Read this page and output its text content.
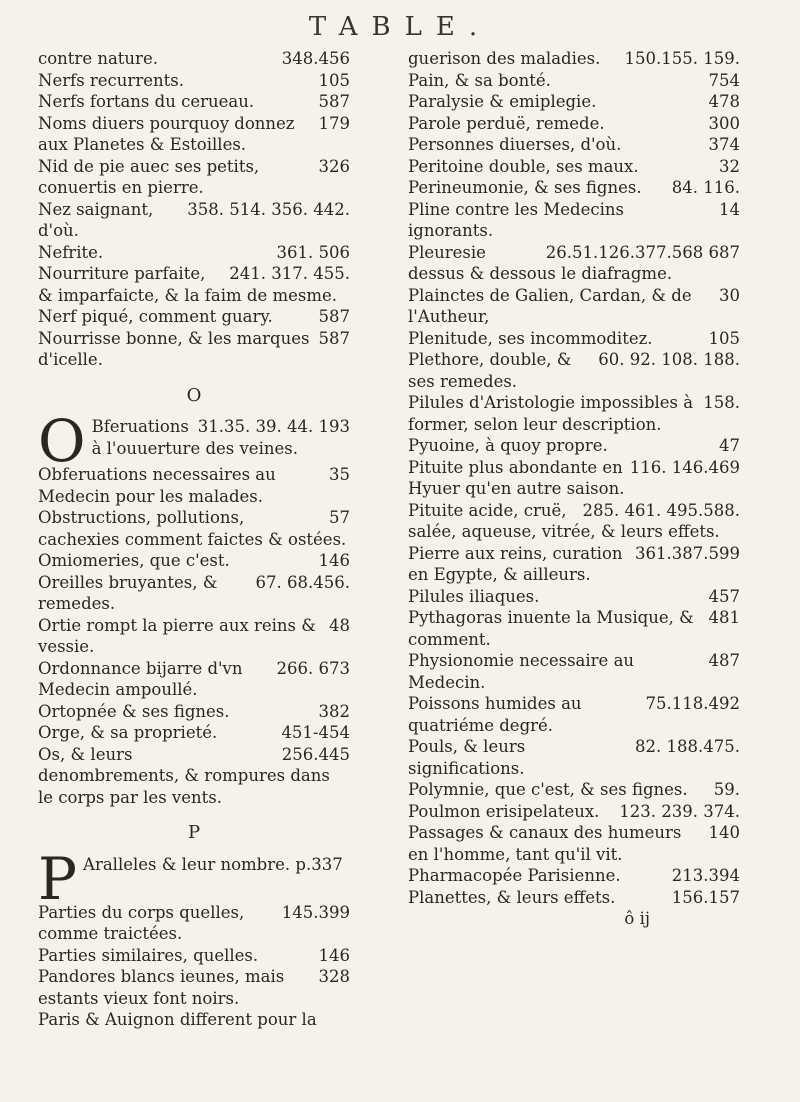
TABLE.

348.456
contre nature.

105
Nerfs recurrents.

587
Nerfs fortans du cerueau.

179
Noms diuers pourquoy donnez aux Planetes & Estoilles.

326
Nid de pie auec ses petits, conuertis en pierre.

358. 514. 356. 442.
Nez saignant, d'où.

361. 506
Nefrite.

241. 317. 455.
Nourriture parfaite, & imparfaicte, & la faim de mesme.

587
Nerf piqué, comment guary.

587
Nourrisse bonne, & les marques d'icelle.

O

O	31.35. 39. 44. 193
Bferuations à l'ouuerture des veines.

35
Obferuations necessaires au Medecin pour les malades.

57
Obstructions, pollutions, cachexies comment faictes & ostées.

146
Omiomeries, que c'est.

67. 68.456.
Oreilles bruyantes, & remedes.

48
Ortie rompt la pierre aux reins & vessie.

266. 673
Ordonnance bijarre d'vn Medecin ampoullé.

382
Ortopnée & ses fignes.

451-454
Orge, & sa proprieté.

256.445
Os, & leurs denombrements, & rompures dans le corps par les vents.

P

P Aralleles & leur nombre. p.337

145.399
Parties du corps quelles, comme traictées.

146
Parties similaires, quelles.

328
Pandores blancs ieunes, mais estants vieux font noirs.

Paris & Auignon different pour la

150.155. 159.
guerison des maladies.

754
Pain, & sa bonté.

478
Paralysie & emiplegie.

300
Parole perduë, remede.

374
Personnes diuerses, d'où.

32
Peritoine double, ses maux.

84. 116.
Perineumonie, & ses fignes.

14
Pline contre les Medecins ignorants.

26.51.126.377.568 687
Pleuresie dessus & dessous le diafragme.

30
Plainctes de Galien, Cardan, & de l'Autheur,

105
Plenitude, ses incommoditez.

60. 92. 108. 188.
Plethore, double, & ses remedes.

158.
Pilules d'Aristologie impossibles à former, selon leur description.

47
Pyuoine, à quoy propre.

116. 146.469
Pituite plus abondante en Hyuer qu'en autre saison.

285. 461. 495.588.
Pituite acide, cruë, salée, aqueuse, vitrée, & leurs effets.

361.387.599
Pierre aux reins, curation en Egypte, & ailleurs.

457
Pilules iliaques.

481
Pythagoras inuente la Musique, & comment.

487
Physionomie necessaire au Medecin.

75.118.492
Poissons humides au quatriéme degré.

82. 188.475.
Pouls, & leurs significations.

59.
Polymnie, que c'est, & ses fignes.

123. 239. 374.
Poulmon erisipelateux.

140
Passages & canaux des humeurs en l'homme, tant qu'il vit.

213.394
Pharmacopée Parisienne.

156.157
Planettes, & leurs effets.

ô ij
